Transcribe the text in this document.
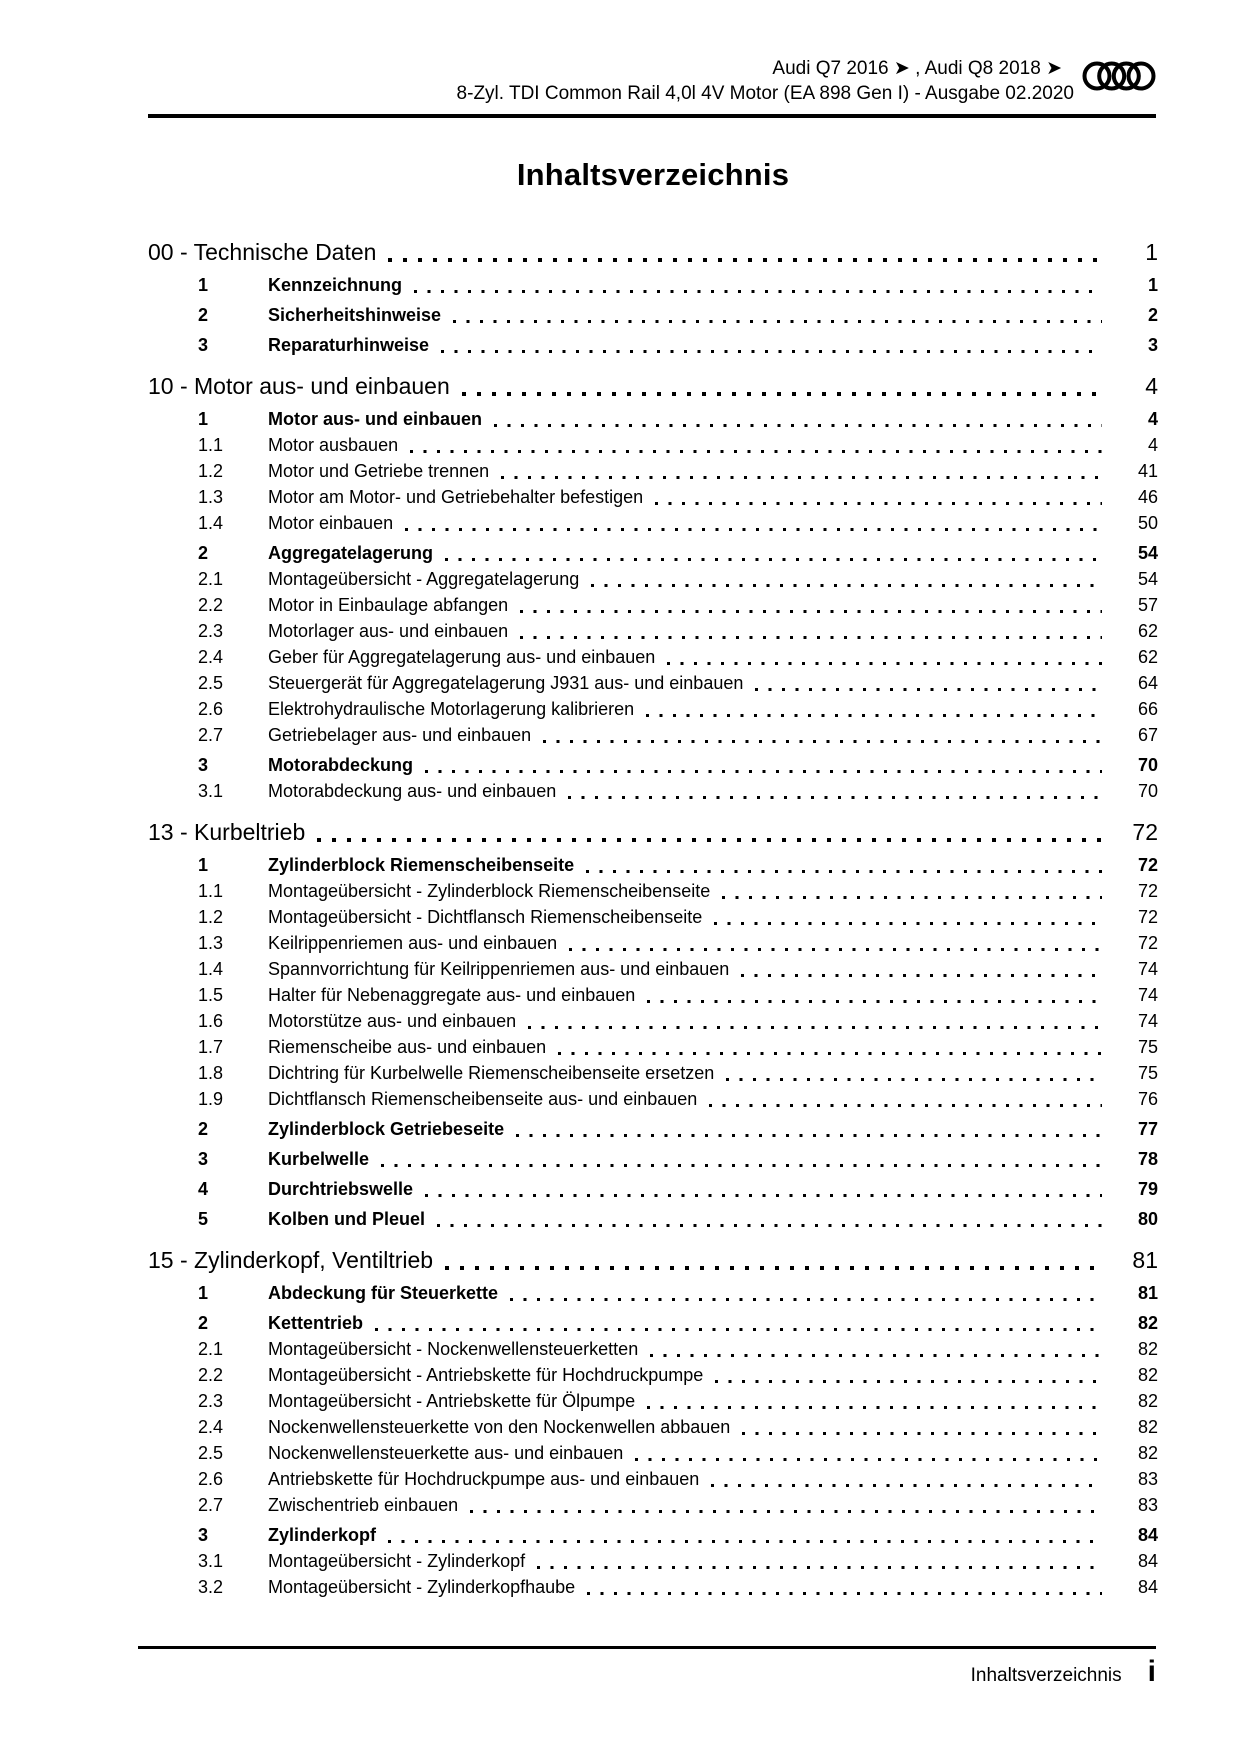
Audi Q7 2016 ➤ , Audi Q8 2018 ➤
8-Zyl. TDI Common Rail 4,0l 4V Motor (EA 898 Gen I) - Ausgabe 02.2020
Inhaltsverzeichnis
00 - Technische Daten	1
1	Kennzeichnung	1
2	Sicherheitshinweise	2
3	Reparaturhinweise	3
10 - Motor aus- und einbauen	4
1	Motor aus- und einbauen	4
1.1	Motor ausbauen	4
1.2	Motor und Getriebe trennen	41
1.3	Motor am Motor- und Getriebehalter befestigen	46
1.4	Motor einbauen	50
2	Aggregatelagerung	54
2.1	Montageübersicht - Aggregatelagerung	54
2.2	Motor in Einbaulage abfangen	57
2.3	Motorlager aus- und einbauen	62
2.4	Geber für Aggregatelagerung aus- und einbauen	62
2.5	Steuergerät für Aggregatelagerung J931 aus- und einbauen	64
2.6	Elektrohydraulische Motorlagerung kalibrieren	66
2.7	Getriebelager aus- und einbauen	67
3	Motorabdeckung	70
3.1	Motorabdeckung aus- und einbauen	70
13 - Kurbeltrieb	72
1	Zylinderblock Riemenscheibenseite	72
1.1	Montageübersicht - Zylinderblock Riemenscheibenseite	72
1.2	Montageübersicht - Dichtflansch Riemenscheibenseite	72
1.3	Keilrippenriemen aus- und einbauen	72
1.4	Spannvorrichtung für Keilrippenriemen aus- und einbauen	74
1.5	Halter für Nebenaggregate aus- und einbauen	74
1.6	Motorstütze aus- und einbauen	74
1.7	Riemenscheibe aus- und einbauen	75
1.8	Dichtring für Kurbelwelle Riemenscheibenseite ersetzen	75
1.9	Dichtflansch Riemenscheibenseite aus- und einbauen	76
2	Zylinderblock Getriebeseite	77
3	Kurbelwelle	78
4	Durchtriebswelle	79
5	Kolben und Pleuel	80
15 - Zylinderkopf, Ventiltrieb	81
1	Abdeckung für Steuerkette	81
2	Kettentrieb	82
2.1	Montageübersicht - Nockenwellensteuerketten	82
2.2	Montageübersicht - Antriebskette für Hochdruckpumpe	82
2.3	Montageübersicht - Antriebskette für Ölpumpe	82
2.4	Nockenwellensteuerkette von den Nockenwellen abbauen	82
2.5	Nockenwellensteuerkette aus- und einbauen	82
2.6	Antriebskette für Hochdruckpumpe aus- und einbauen	83
2.7	Zwischentrieb einbauen	83
3	Zylinderkopf	84
3.1	Montageübersicht - Zylinderkopf	84
3.2	Montageübersicht - Zylinderkopfhaube	84
Inhaltsverzeichnis i
